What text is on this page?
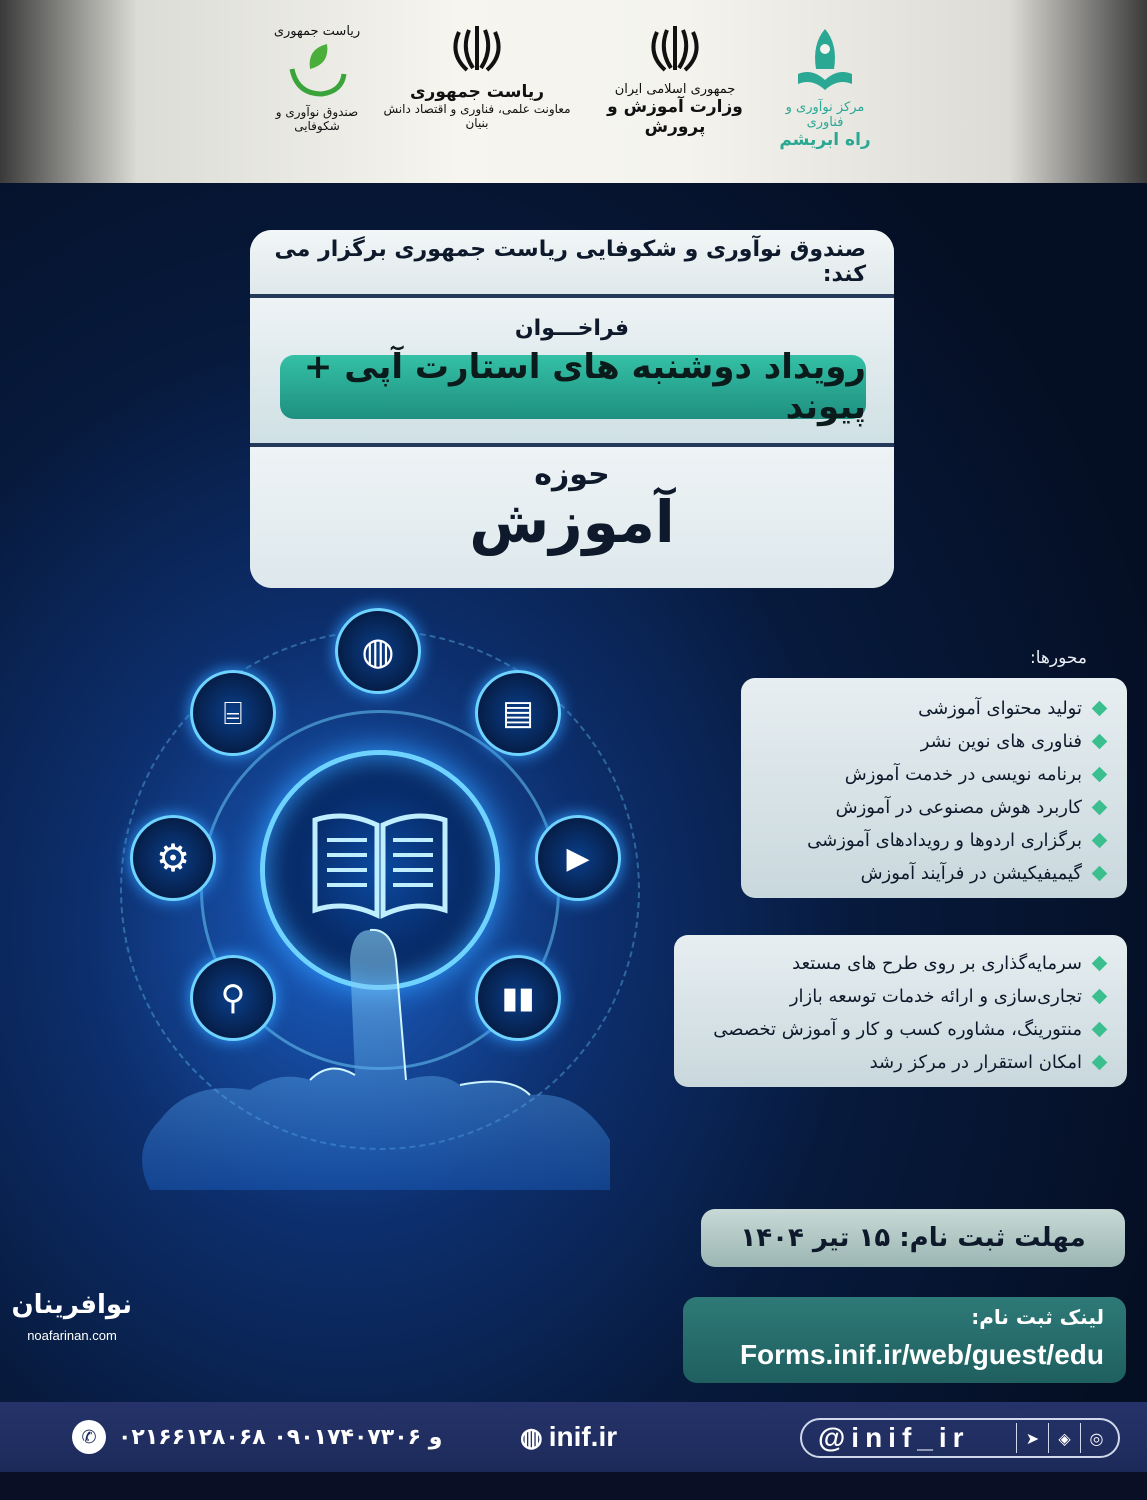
ریاست جمهوری
صندوق نوآوری و شکوفایی
ریاست جمهوری
معاونت علمی، فناوری و اقتصاد دانش بنیان
جمهوری اسلامی ایران
وزارت آموزش و پرورش
مرکز نوآوری و فناوری
راه ابریشم
صندوق نوآوری و شکوفایی ریاست جمهوری برگزار می کند:
فراخـــوان
رویداد دوشنبه های استارت آپی + پیوند
حوزه
آموزش
◍
▤
▶
▮▮
⚲
⚙
⌸
محورها:
تولید محتوای آموزشی
فناوری های نوین نشر
برنامه نویسی در خدمت آموزش
کاربرد هوش مصنوعی در آموزش
برگزاری اردوها و رویدادهای آموزشی
گیمیفیکیشن در فرآیند آموزش
سرمایه‌گذاری بر روی طرح های مستعد
تجاری‌سازی و ارائه خدمات توسعه بازار
منتورینگ، مشاوره کسب و کار و آموزش تخصصی
امکان استقرار در مرکز رشد
مهلت ثبت نام: ۱۵ تیر ۱۴۰۴
لینک ثبت نام:
Forms.inif.ir/web/guest/edu
نوافرینان
noafarinan.com
✆ ۰۲۱۶۶۱۲۸۰۶۸ و ۰۹۰۱۷۴۰۷۳۰۶	◍ inif.ir	@inif_ir	➤	◈	◎
